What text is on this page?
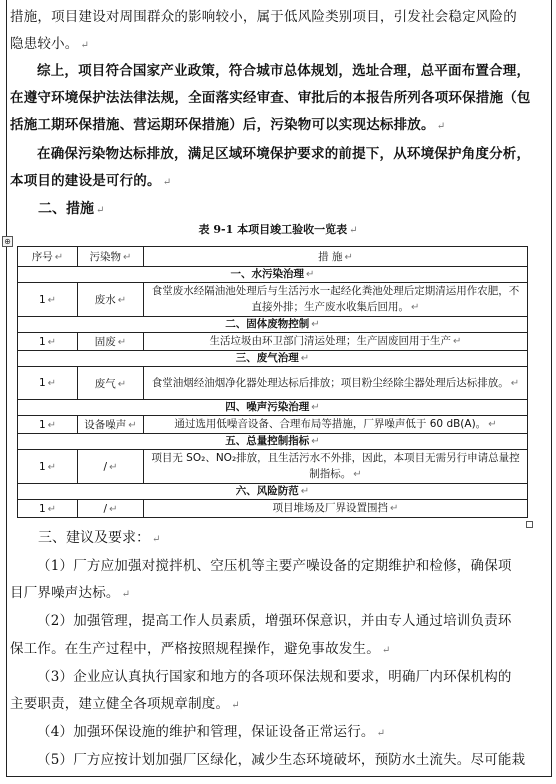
措施，项目建设对周围群众的影响较小，属于低风险类别项目，引发社会稳定风险的
隐患较小。 ↵
综上，项目符合国家产业政策，符合城市总体规划，选址合理，总平面布置合理，
在遵守环境保护法法律法规，全面落实经审查、审批后的本报告所列各项环保措施（包
括施工期环保措施、营运期环保措施）后，污染物可以实现达标排放。 ↵
在确保污染物达标排放，满足区域环境保护要求的前提下，从环境保护角度分析，
本项目的建设是可行的。 ↵
二、措施 ↵
表 9-1 本项目竣工验收一览表 ↵
⊕
序号 ↵	污染物 ↵	措 施 ↵
一、水污染治理 ↵		
1 ↵	废水 ↵	食堂废水经隔油池处理后与生活污水一起经化粪池处理后定期清运用作农肥，不直接外排；生产废水收集后回用。 ↵
二、固体废物控制 ↵		
1 ↵	固废 ↵	生活垃圾由环卫部门清运处理；生产固废回用于生产 ↵
三、废气治理 ↵		
1 ↵	废气 ↵	食堂油烟经油烟净化器处理达标后排放；项目粉尘经除尘器处理后达标排放。 ↵
四、噪声污染治理 ↵		
1 ↵	设备噪声 ↵	通过选用低噪音设备、合理布局等措施，厂界噪声低于 60 dB(A)。 ↵
五、总量控制指标 ↵		
1 ↵	/ ↵	项目无 SO₂、NO₂排放，且生活污水不外排，因此，本项目无需另行申请总量控制指标。 ↵
六、风险防范 ↵		
1 ↵	/ ↵	项目堆场及厂界设置围挡 ↵
三、建议及要求： ↵
（1）厂方应加强对搅拌机、空压机等主要产噪设备的定期维护和检修，确保项
目厂界噪声达标。 ↵
（2）加强管理，提高工作人员素质，增强环保意识，并由专人通过培训负责环
保工作。在生产过程中，严格按照规程操作，避免事故发生。 ↵
（3）企业应认真执行国家和地方的各项环保法规和要求，明确厂内环保机构的
主要职责，建立健全各项规章制度。 ↵
（4）加强环保设施的维护和管理，保证设备正常运行。 ↵
（5）厂方应按计划加强厂区绿化，减少生态环境破坏，预防水土流失。尽可能栽
